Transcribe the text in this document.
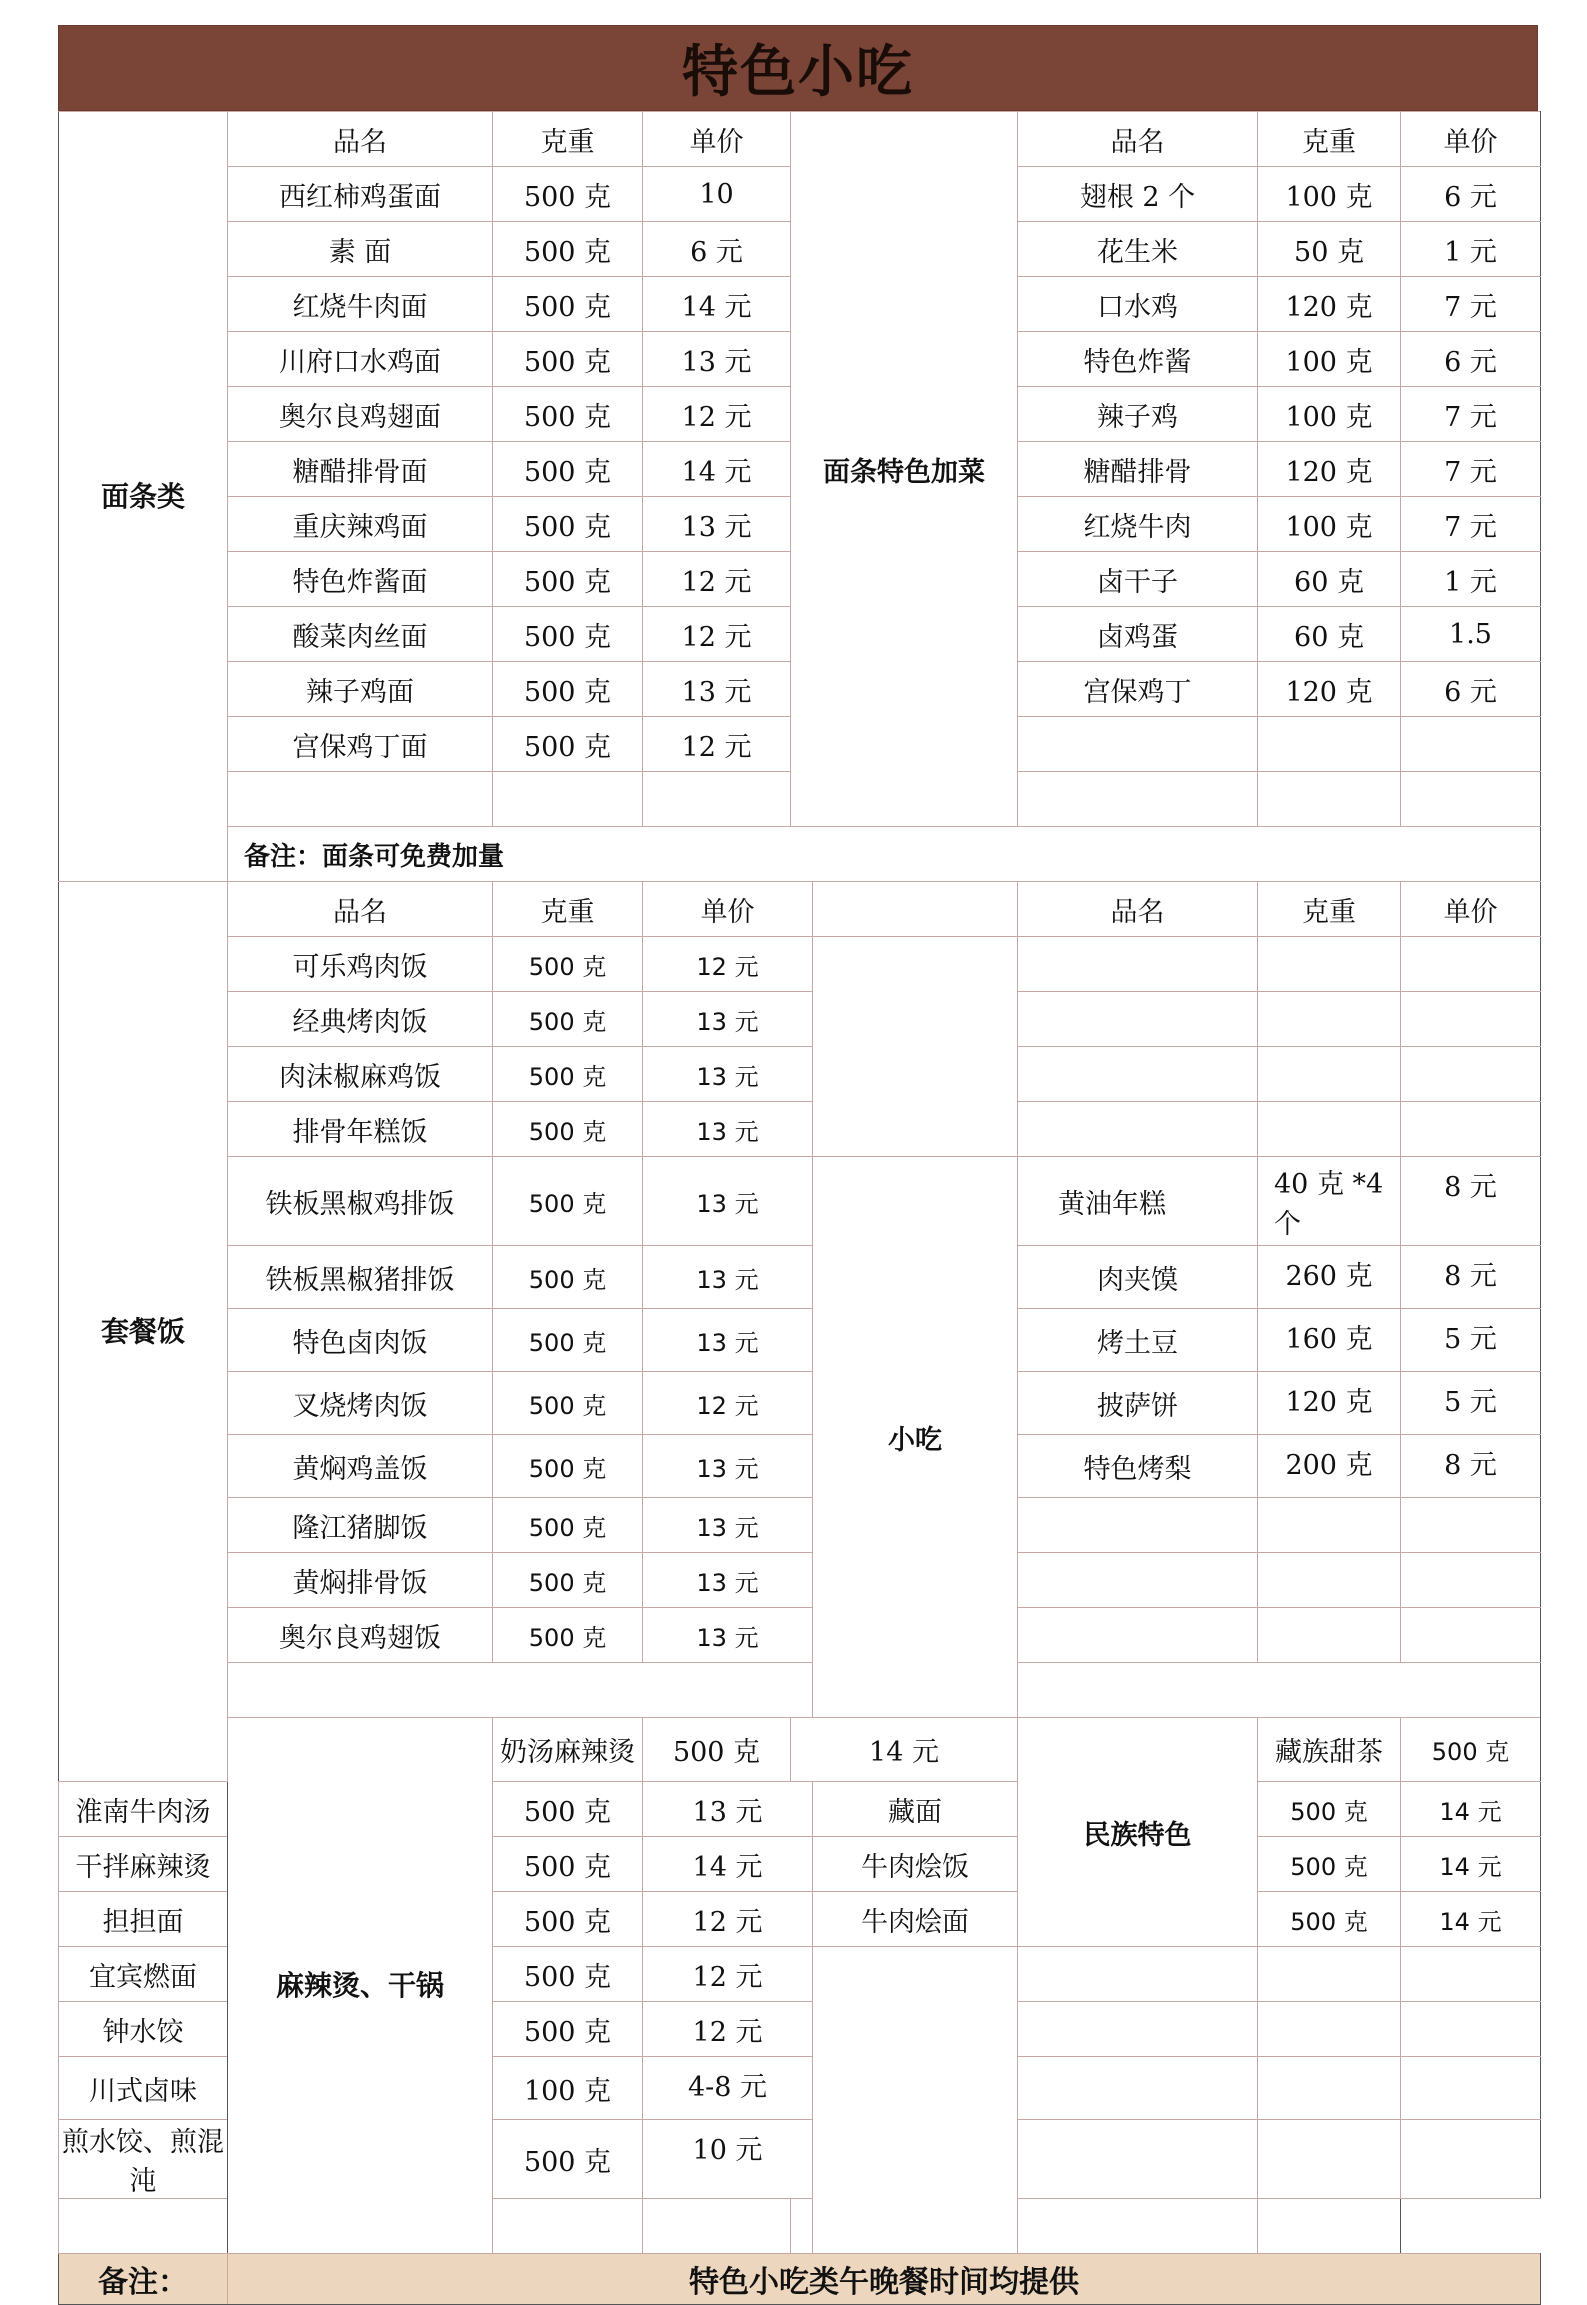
特色小吃
面条类	品名	克重	单价	面条特色加菜		品名	克重	单价	
	西红柿鸡蛋面	500 克	10			翅根 2 个	100 克	6 元	
	素 面	500 克	6 元			花生米	50 克	1 元	
	红烧牛肉面	500 克	14 元			口水鸡	120 克	7 元	
	川府口水鸡面	500 克	13 元			特色炸酱	100 克	6 元	
	奥尔良鸡翅面	500 克	12 元			辣子鸡	100 克	7 元	
	糖醋排骨面	500 克	14 元			糖醋排骨	120 克	7 元	
	重庆辣鸡面	500 克	13 元			红烧牛肉	100 克	7 元	
	特色炸酱面	500 克	12 元			卤干子	60 克	1 元	
	酸菜肉丝面	500 克	12 元			卤鸡蛋	60 克	1.5	
	辣子鸡面	500 克	13 元			宫保鸡丁	120 克	6 元	
	宫保鸡丁面	500 克	12 元						

	备注：面条可免费加量								
套餐饭	品名	克重	单价			品名	克重	单价	
	可乐鸡肉饭	500 克	12 元						
	经典烤肉饭	500 克	13 元						
	肉沫椒麻鸡饭	500 克	13 元						
	排骨年糕饭	500 克	13 元						
	铁板黑椒鸡排饭	500 克	13 元		小吃	黄油年糕	40 克 *4 个	8 元	
	铁板黑椒猪排饭	500 克	13 元			肉夹馍	260 克	8 元	
	特色卤肉饭	500 克	13 元			烤土豆	160 克	5 元	
	叉烧烤肉饭	500 克	12 元			披萨饼	120 克	5 元	
	黄焖鸡盖饭	500 克	13 元			特色烤梨	200 克	8 元	
	隆江猪脚饭	500 克	13 元						
	黄焖排骨饭	500 克	13 元						
	奥尔良鸡翅饭	500 克	13 元						

	麻辣烫、干锅	奶汤麻辣烫	500 克	14 元		民族特色	藏族甜茶	500 克	
淮南牛肉汤		500 克	13 元		藏面		500 克	14 元	
干拌麻辣烫		500 克	14 元		牛肉烩饭		500 克	14 元	
担担面		500 克	12 元		牛肉烩面		500 克	14 元	
宜宾燃面		500 克	12 元						
钟水饺		500 克	12 元						
川式卤味		100 克	4-8 元						
煎水饺、煎混沌		500 克	10 元						

备注：	特色小吃类午晚餐时间均提供								
